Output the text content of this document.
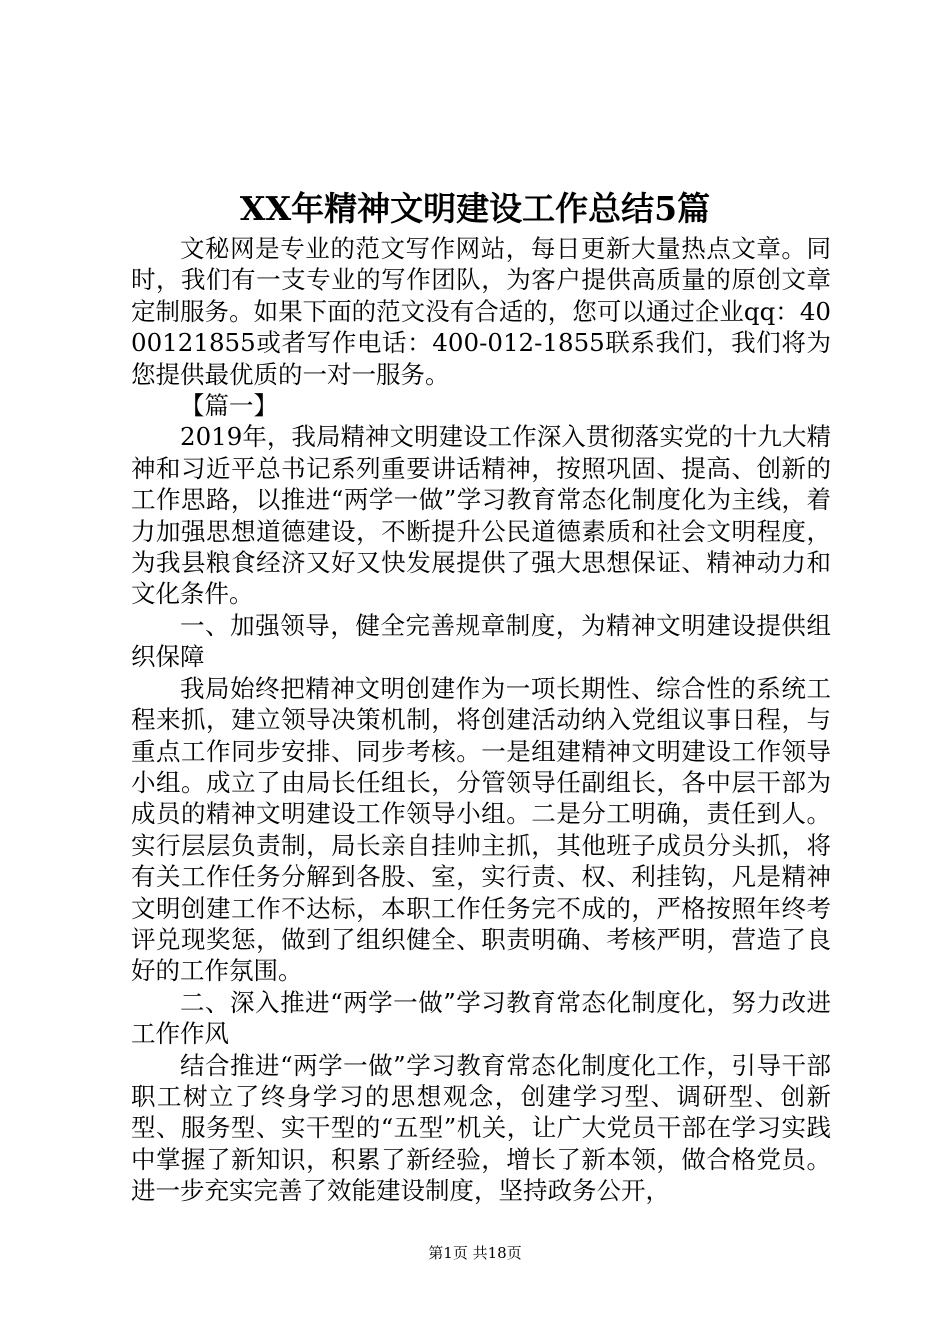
XX年精神文明建设工作总结5篇

文秘网是专业的范文写作网站，每日更新大量热点文章。同时，我们有一支专业的写作团队，为客户提供高质量的原创文章定制服务。如果下面的范文没有合适的，您可以通过企业qq：4000121855或者写作电话：400-012-1855联系我们，我们将为您提供最优质的一对一服务。

【篇一】

2019年，我局精神文明建设工作深入贯彻落实党的十九大精神和习近平总书记系列重要讲话精神，按照巩固、提高、创新的工作思路，以推进“两学一做”学习教育常态化制度化为主线，着力加强思想道德建设，不断提升公民道德素质和社会文明程度，为我县粮食经济又好又快发展提供了强大思想保证、精神动力和文化条件。

一、加强领导，健全完善规章制度，为精神文明建设提供组织保障

我局始终把精神文明创建作为一项长期性、综合性的系统工程来抓，建立领导决策机制，将创建活动纳入党组议事日程，与重点工作同步安排、同步考核。一是组建精神文明建设工作领导小组。成立了由局长任组长，分管领导任副组长，各中层干部为成员的精神文明建设工作领导小组。二是分工明确，责任到人。实行层层负责制，局长亲自挂帅主抓，其他班子成员分头抓，将有关工作任务分解到各股、室，实行责、权、利挂钩，凡是精神文明创建工作不达标，本职工作任务完不成的，严格按照年终考评兑现奖惩，做到了组织健全、职责明确、考核严明，营造了良好的工作氛围。

二、深入推进“两学一做”学习教育常态化制度化，努力改进工作作风

结合推进“两学一做”学习教育常态化制度化工作，引导干部职工树立了终身学习的思想观念，创建学习型、调研型、创新型、服务型、实干型的“五型”机关，让广大党员干部在学习实践中掌握了新知识，积累了新经验，增长了新本领，做合格党员。进一步充实完善了效能建设制度，坚持政务公开，

第1页 共18页
